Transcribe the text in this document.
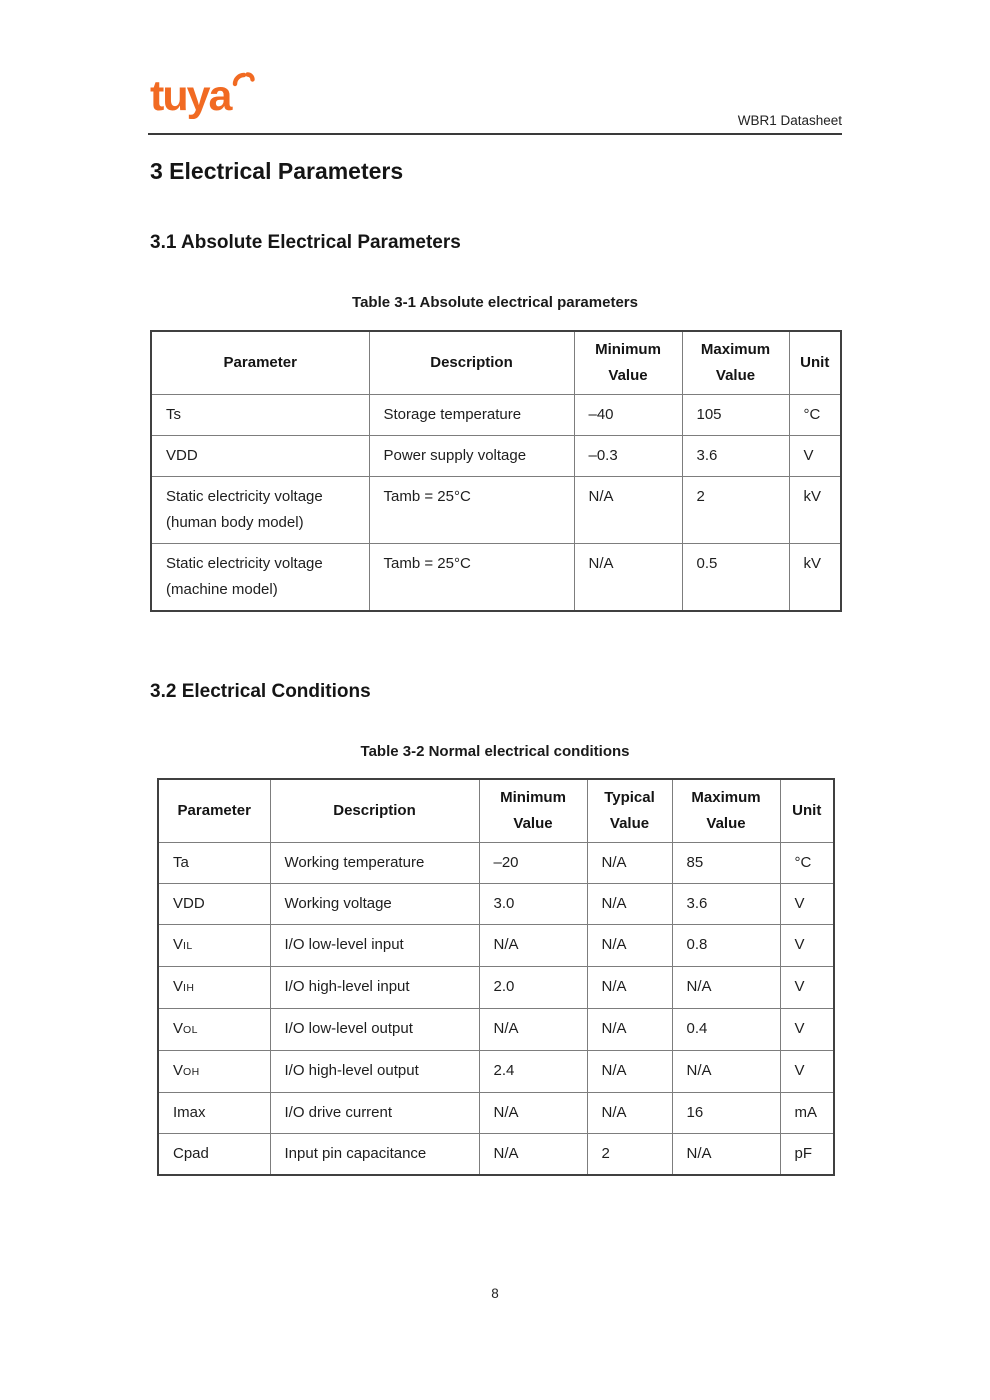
tuya
WBR1 Datasheet
3 Electrical Parameters
3.1 Absolute Electrical Parameters
Table 3-1 Absolute electrical parameters
Parameter	Description	Minimum Value	Maximum Value	Unit
Ts	Storage temperature	–40	105	°C
VDD	Power supply voltage	–0.3	3.6	V
Static electricity voltage (human body model)	Tamb = 25°C	N/A	2	kV
Static electricity voltage (machine model)	Tamb = 25°C	N/A	0.5	kV
3.2 Electrical Conditions
Table 3-2 Normal electrical conditions
Parameter	Description	Minimum Value	Typical Value	Maximum Value	Unit
Ta	Working temperature	–20	N/A	85	°C
VDD	Working voltage	3.0	N/A	3.6	V
VIL	I/O low-level input	N/A	N/A	0.8	V
VIH	I/O high-level input	2.0	N/A	N/A	V
VOL	I/O low-level output	N/A	N/A	0.4	V
VOH	I/O high-level output	2.4	N/A	N/A	V
Imax	I/O drive current	N/A	N/A	16	mA
Cpad	Input pin capacitance	N/A	2	N/A	pF
8
